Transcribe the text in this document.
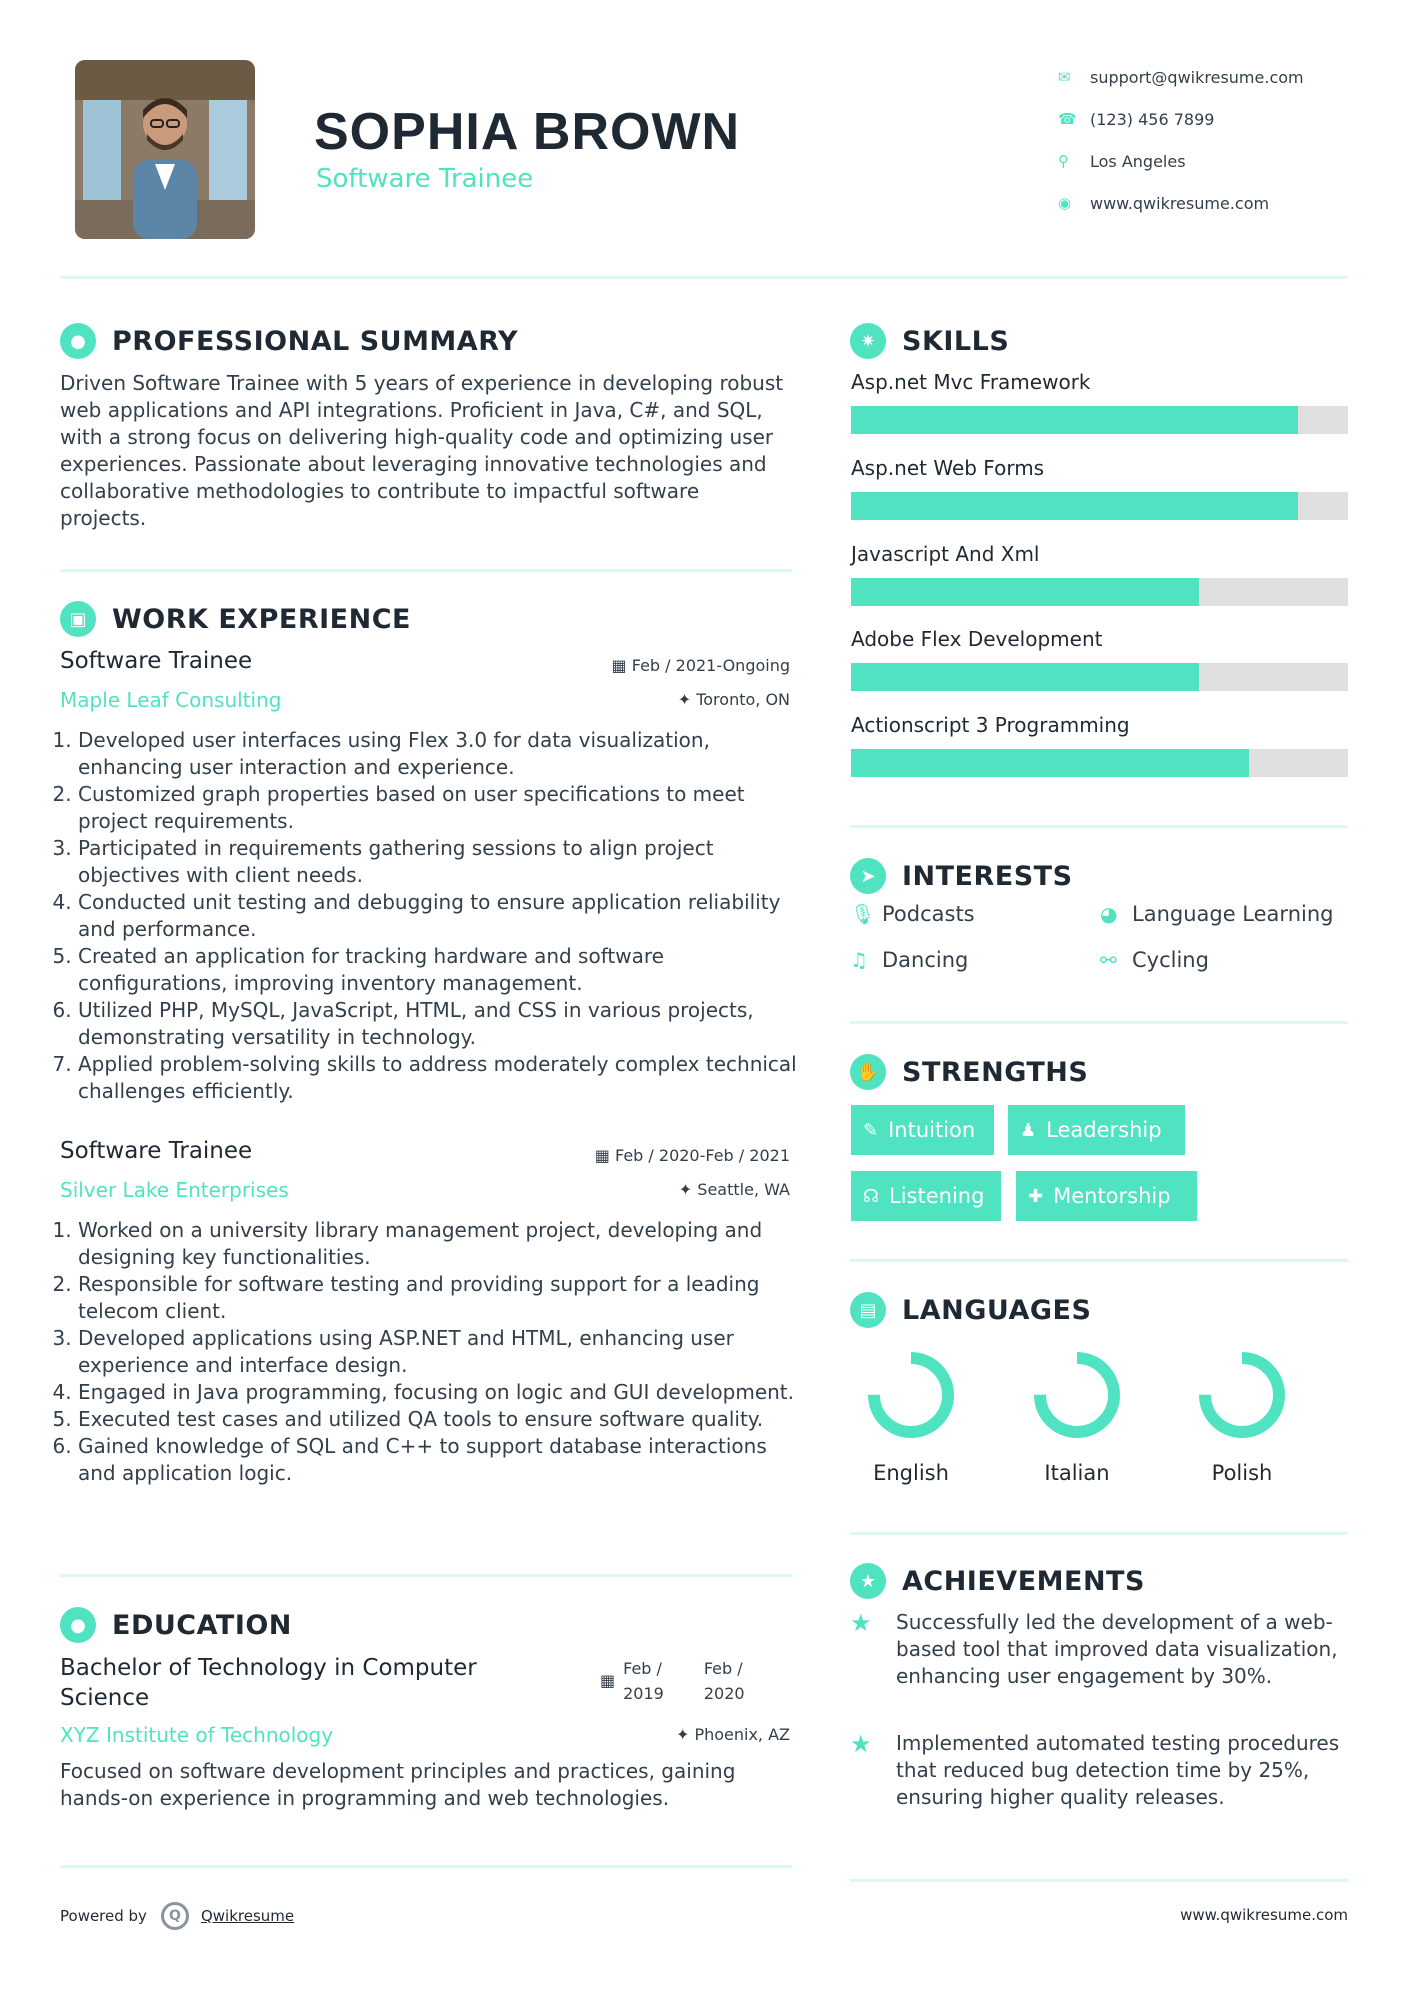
SOPHIA BROWN
Software Trainee
✉	support@qwikresume.com
☎ (123) 456 7899
⚲	Los Angeles
◉	www.qwikresume.com
● PROFESSIONAL SUMMARY
Driven Software Trainee with 5 years of experience in developing robust web applications and API integrations. Proficient in Java, C#, and SQL, with a strong focus on delivering high-quality code and optimizing user experiences. Passionate about leveraging innovative technologies and collaborative methodologies to contribute to impactful software projects.
▣ WORK EXPERIENCE
Software Trainee	▦ Feb / 2021-Ongoing
Maple Leaf Consulting	✦ Toronto, ON
1. Developed user interfaces using Flex 3.0 for data visualization, enhancing user interaction and experience.
2. Customized graph properties based on user specifications to meet project requirements.
3. Participated in requirements gathering sessions to align project objectives with client needs.
4. Conducted unit testing and debugging to ensure application reliability and performance.
5. Created an application for tracking hardware and software configurations, improving inventory management.
6. Utilized PHP, MySQL, JavaScript, HTML, and CSS in various projects, demonstrating versatility in technology.
7. Applied problem-solving skills to address moderately complex technical challenges efficiently.
Software Trainee	▦ Feb / 2020-Feb / 2021
Silver Lake Enterprises	✦ Seattle, WA
1. Worked on a university library management project, developing and designing key functionalities.
2. Responsible for software testing and providing support for a leading telecom client.
3. Developed applications using ASP.NET and HTML, enhancing user experience and interface design.
4. Engaged in Java programming, focusing on logic and GUI development.
5. Executed test cases and utilized QA tools to ensure software quality.
6. Gained knowledge of SQL and C++ to support database interactions and application logic.
● EDUCATION
Bachelor of Technology in Computer Science
▦
Feb /
2019
Feb /
2020
XYZ Institute of Technology	✦ Phoenix, AZ
Focused on software development principles and practices, gaining hands-on experience in programming and web technologies.
✷ SKILLS
Asp.net Mvc Framework
Asp.net Web Forms
Javascript And Xml
Adobe Flex Development
Actionscript 3 Programming
➤ INTERESTS
🎙 Podcasts	◕ Language Learning
♫ Dancing	⚯ Cycling
✋ STRENGTHS
✎ Intuition ♟ Leadership
☊ Listening ✚ Mentorship
▤ LANGUAGES
English	Italian	Polish
★ ACHIEVEMENTS
★	Successfully led the development of a web-based tool that improved data visualization, enhancing user engagement by 30%.
★	Implemented automated testing procedures that reduced bug detection time by 25%, ensuring higher quality releases.
Powered by	Q	Qwikresume	www.qwikresume.com
